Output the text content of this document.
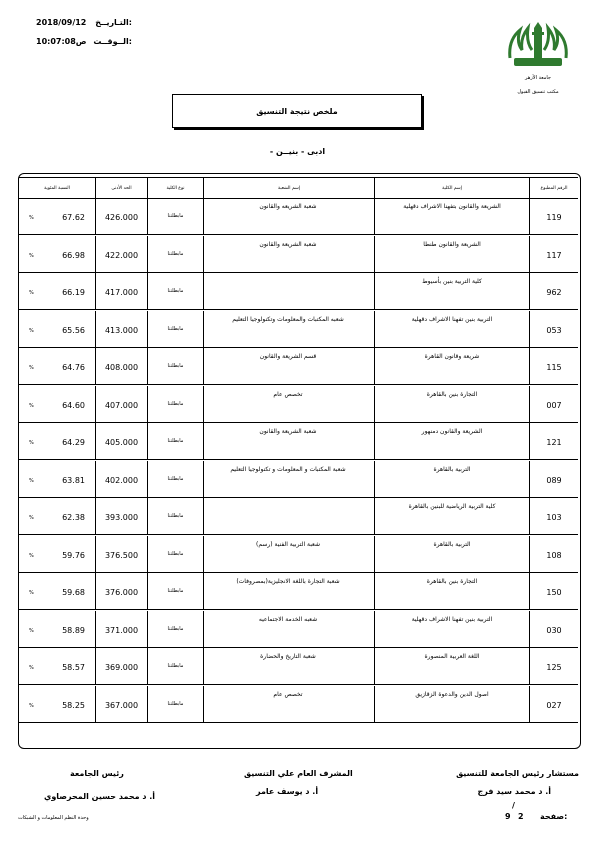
التـاريــخ:
2018/09/12
الــوقــت:
ص10:07:08
جامعة الأزهر
مكتب تنسيق القبول
ملخص نتيجة التنسيق
- ادبى - بنيــن
الرقم المطبوع
إسم الكلية
إسم الشعبة
نوع الكلية
الحد الأدنى
النسبة المئوية
119
الشريعة والقانون بتفهنا الاشراف دقهلية
شعبة الشريعه والقانون
مابطلتنا
426.000
67.62
%
117
الشريعة والقانون طنطا
شعبة الشريعة والقانون
مابطلتنا
422.000
66.98
%
962
كلية التربية بنين بأسيوط
مابطلتنا
417.000
66.19
%
053
التربية بنين تفهنا الاشراف دقهلية
شعبه المكتبات والمعلومات وتكنولوجيا التعليم
مابطلتنا
413.000
65.56
%
115
شريعة وقانون القاهرة
قسم الشريعة والقانون
مابطلتنا
408.000
64.76
%
007
التجارة بنين بالقاهرة
تخصص عام
مابطلتنا
407.000
64.60
%
121
الشريعة والقانون دمنهور
شعبة الشريعة والقانون
مابطلتنا
405.000
64.29
%
089
التربية بالقاهرة
شعبة المكتبات و المعلومات و تكنولوجيا التعليم
مابطلتنا
402.000
63.81
%
103
كلية التربية الرياضية للبنين بالقاهرة
مابطلتنا
393.000
62.38
%
108
التربية بالقاهرة
(شعبة التربية الفنية (رسم
مابطلتنا
376.500
59.76
%
150
التجارة بنين بالقاهرة
(شعبة التجارة باللغة الانجليزية(بمصروفات
مابطلتنا
376.000
59.68
%
030
التربية بنين تفهنا الاشراف دقهلية
شعبه الخدمة الاجتماعيه
مابطلتنا
371.000
58.89
%
125
اللغة العربية المنصورة
شعبة التاريخ والحضارة
مابطلتنا
369.000
58.57
%
027
اصول الدين والدعوة الزقازيق
تخصص عام
مابطلتنا
367.000
58.25
%
مستشار رئيس الجامعة للتنسيق
أ. د محمد سيد فرج
المشرف العام علي التنسيق
أ. د يوسف عامر
رئيس الجامعة
أ. د محمد حسين المحرصاوي
/
صفحة:
2
9
وحدة النظم المعلومات و الشبكات
